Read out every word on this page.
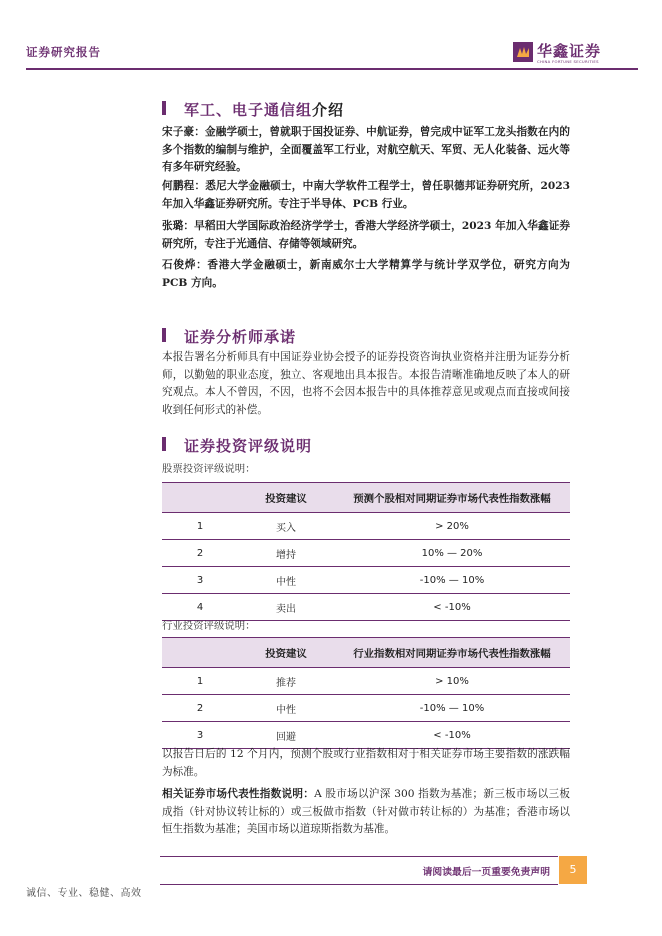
证券研究报告	华鑫证券
CHINA FORTUNE SECURITIES
军工、电子通信组介绍
宋子豪：金融学硕士，曾就职于国投证券、中航证券，曾完成中证军工龙头指数在内的多个指数的编制与维护，全面覆盖军工行业，对航空航天、军贸、无人化装备、远火等有多年研究经验。
何鹏程：悉尼大学金融硕士，中南大学软件工程学士，曾任职德邦证券研究所，2023 年加入华鑫证券研究所。专注于半导体、PCB 行业。
张璐：早稻田大学国际政治经济学学士，香港大学经济学硕士，2023 年加入华鑫证券研究所，专注于光通信、存储等领域研究。
石俊烨：香港大学金融硕士，新南威尔士大学精算学与统计学双学位，研究方向为 PCB 方向。
证券分析师承诺
本报告署名分析师具有中国证券业协会授予的证券投资咨询执业资格并注册为证券分析师，以勤勉的职业态度，独立、客观地出具本报告。本报告清晰准确地反映了本人的研究观点。本人不曾因，不因，也将不会因本报告中的具体推荐意见或观点而直接或间接收到任何形式的补偿。
证券投资评级说明
股票投资评级说明：
	投资建议	预测个股相对同期证券市场代表性指数涨幅
1	买入	> 20%
2	增持	10% — 20%
3	中性	-10% — 10%
4	卖出	< -10%
行业投资评级说明：
	投资建议	行业指数相对同期证券市场代表性指数涨幅
1	推荐	> 10%
2	中性	-10% — 10%
3	回避	< -10%
以报告日后的 12 个月内，预测个股或行业指数相对于相关证券市场主要指数的涨跌幅为标准。
相关证券市场代表性指数说明：A 股市场以沪深 300 指数为基准；新三板市场以三板成指（针对协议转让标的）或三板做市指数（针对做市转让标的）为基准；香港市场以恒生指数为基准；美国市场以道琼斯指数为基准。
请阅读最后一页重要免责声明	5
诚信、专业、稳健、高效
